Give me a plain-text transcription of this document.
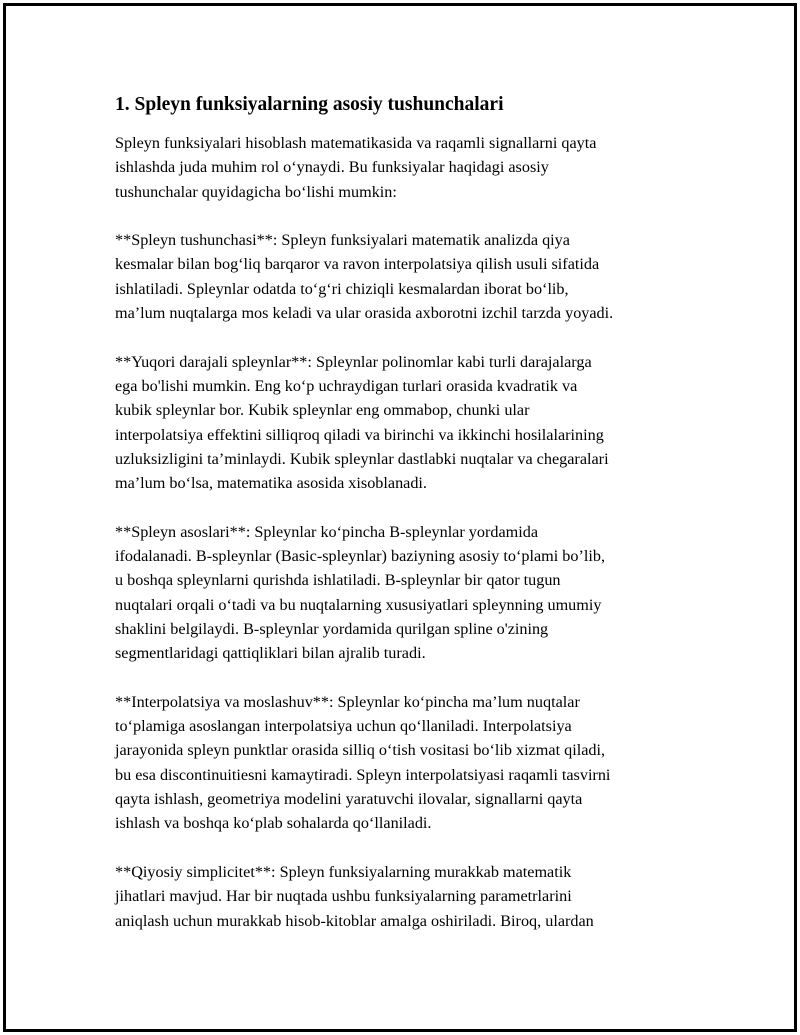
1. Spleyn funksiyalarning asosiy tushunchalari

Spleyn funksiyalari hisoblash matematikasida va raqamli signallarni qayta
ishlashda juda muhim rol o‘ynaydi. Bu funksiyalar haqidagi asosiy
tushunchalar quyidagicha bo‘lishi mumkin:

**Spleyn tushunchasi**: Spleyn funksiyalari matematik analizda qiya
kesmalar bilan bog‘liq barqaror va ravon interpolatsiya qilish usuli sifatida
ishlatiladi. Spleynlar odatda to‘g‘ri chiziqli kesmalardan iborat bo‘lib,
ma’lum nuqtalarga mos keladi va ular orasida axborotni izchil tarzda yoyadi.

**Yuqori darajali spleynlar**: Spleynlar polinomlar kabi turli darajalarga
ega bo'lishi mumkin. Eng ko‘p uchraydigan turlari orasida kvadratik va
kubik spleynlar bor. Kubik spleynlar eng ommabop, chunki ular
interpolatsiya effektini silliqroq qiladi va birinchi va ikkinchi hosilalarining
uzluksizligini ta’minlaydi. Kubik spleynlar dastlabki nuqtalar va chegaralari
ma’lum bo‘lsa, matematika asosida xisoblanadi.

**Spleyn asoslari**: Spleynlar ko‘pincha B-spleynlar yordamida
ifodalanadi. B-spleynlar (Basic-spleynlar) baziyning asosiy to‘plami bo’lib,
u boshqa spleynlarni qurishda ishlatiladi. B-spleynlar bir qator tugun
nuqtalari orqali o‘tadi va bu nuqtalarning xususiyatlari spleynning umumiy
shaklini belgilaydi. B-spleynlar yordamida qurilgan spline o'zining
segmentlaridagi qattiqliklari bilan ajralib turadi.

**Interpolatsiya va moslashuv**: Spleynlar ko‘pincha ma’lum nuqtalar
to‘plamiga asoslangan interpolatsiya uchun qo‘llaniladi. Interpolatsiya
jarayonida spleyn punktlar orasida silliq o‘tish vositasi bo‘lib xizmat qiladi,
bu esa discontinuitiesni kamaytiradi. Spleyn interpolatsiyasi raqamli tasvirni
qayta ishlash, geometriya modelini yaratuvchi ilovalar, signallarni qayta
ishlash va boshqa ko‘plab sohalarda qo‘llaniladi.

**Qiyosiy simplicitet**: Spleyn funksiyalarning murakkab matematik
jihatlari mavjud. Har bir nuqtada ushbu funksiyalarning parametrlarini
aniqlash uchun murakkab hisob-kitoblar amalga oshiriladi. Biroq, ulardan
